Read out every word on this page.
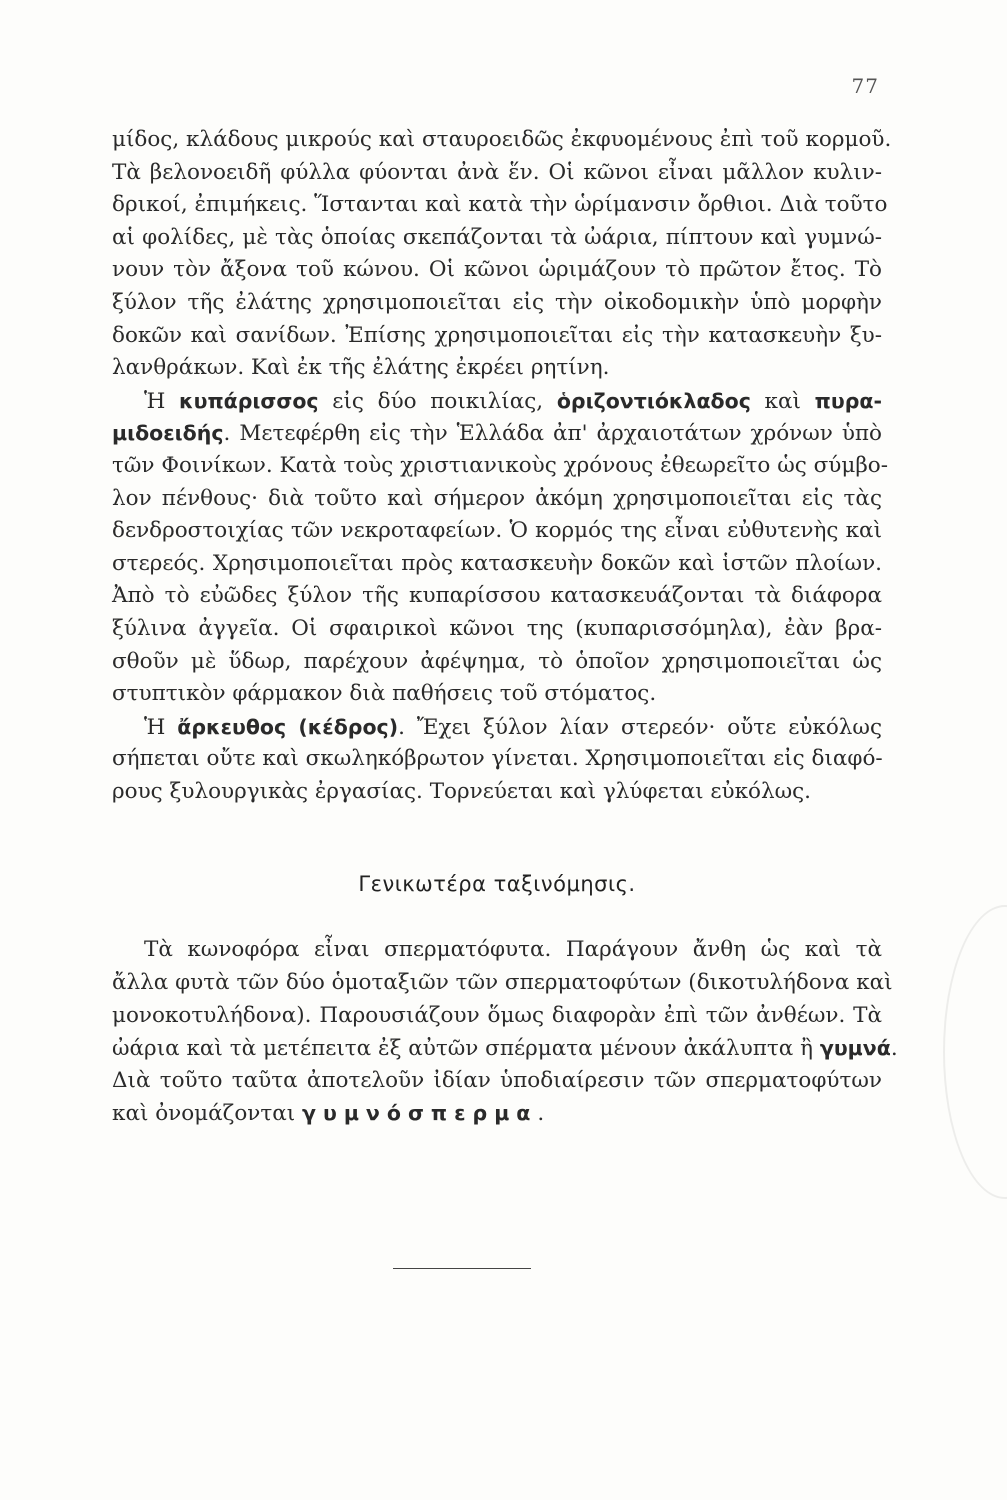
77
μίδος, κλάδους μικρούς καὶ σταυροειδῶς ἐκφυομένους ἐπὶ τοῦ κορμοῦ.
Τὰ βελονοειδῆ φύλλα φύονται ἀνὰ ἕν. Οἱ κῶνοι εἶναι μᾶλλον κυλιν-
δρικοί, ἐπιμήκεις. Ἵστανται καὶ κατὰ τὴν ὡρίμανσιν ὄρθιοι. Διὰ τοῦτο
αἱ φολίδες, μὲ τὰς ὁποίας σκεπάζονται τὰ ὠάρια, πίπτουν καὶ γυμνώ-
νουν τὸν ἄξονα τοῦ κώνου. Οἱ κῶνοι ὡριμάζουν τὸ πρῶτον ἔτος. Τὸ
ξύλον τῆς ἐλάτης χρησιμοποιεῖται εἰς τὴν οἰκοδομικὴν ὑπὸ μορφὴν
δοκῶν καὶ σανίδων. Ἐπίσης χρησιμοποιεῖται εἰς τὴν κατασκευὴν ξυ-
λανθράκων. Καὶ ἐκ τῆς ἐλάτης ἐκρέει ρητίνη.
Ἡ κυπάρισσος εἰς δύο ποικιλίας, ὁριζοντιόκλαδος καὶ πυρα-
μιδοειδής. Μετεφέρθη εἰς τὴν Ἑλλάδα ἀπ' ἀρχαιοτάτων χρόνων ὑπὸ
τῶν Φοινίκων. Κατὰ τοὺς χριστιανικοὺς χρόνους ἐθεωρεῖτο ὡς σύμβο-
λον πένθους· διὰ τοῦτο καὶ σήμερον ἀκόμη χρησιμοποιεῖται εἰς τὰς
δενδροστοιχίας τῶν νεκροταφείων. Ὁ κορμός της εἶναι εὐθυτενὴς καὶ
στερεός. Χρησιμοποιεῖται πρὸς κατασκευὴν δοκῶν καὶ ἱστῶν πλοίων.
Ἀπὸ τὸ εὐῶδες ξύλον τῆς κυπαρίσσου κατασκευάζονται τὰ διάφορα
ξύλινα ἀγγεῖα. Οἱ σφαιρικοὶ κῶνοι της (κυπαρισσόμηλα), ἐὰν βρα-
σθοῦν μὲ ὕδωρ, παρέχουν ἀφέψημα, τὸ ὁποῖον χρησιμοποιεῖται ὡς
στυπτικὸν φάρμακον διὰ παθήσεις τοῦ στόματος.
Ἡ ἄρκευθος (κέδρος). Ἔχει ξύλον λίαν στερεόν· οὔτε εὐκόλως
σήπεται οὔτε καὶ σκωληκόβρωτον γίνεται. Χρησιμοποιεῖται εἰς διαφό-
ρους ξυλουργικὰς ἐργασίας. Τορνεύεται καὶ γλύφεται εὐκόλως.
Γενικωτέρα ταξινόμησις.
Τὰ κωνοφόρα εἶναι σπερματόφυτα. Παράγουν ἄνθη ὡς καὶ τὰ
ἄλλα φυτὰ τῶν δύο ὁμοταξιῶν τῶν σπερματοφύτων (δικοτυλήδονα καὶ
μονοκοτυλήδονα). Παρουσιάζουν ὅμως διαφορὰν ἐπὶ τῶν ἀνθέων. Τὰ
ὠάρια καὶ τὰ μετέπειτα ἐξ αὐτῶν σπέρματα μένουν ἀκάλυπτα ἢ γυμνά.
Διὰ τοῦτο ταῦτα ἀποτελοῦν ἰδίαν ὑποδιαίρεσιν τῶν σπερματοφύτων
καὶ ὀνομάζονται γυμνόσπερμα.
